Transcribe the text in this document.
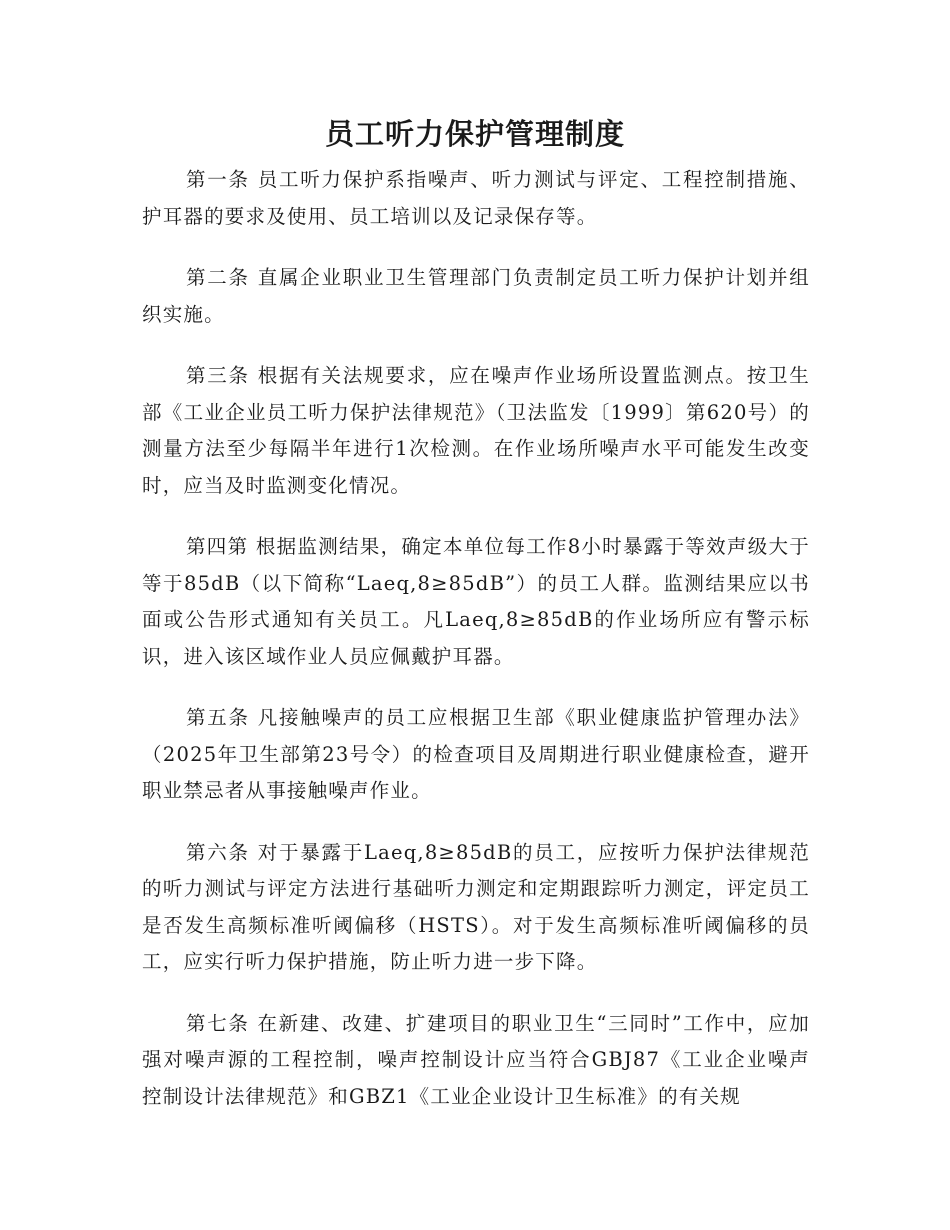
员工听力保护管理制度

第一条 员工听力保护系指噪声、听力测试与评定、工程控制措施、护耳器的要求及使用、员工培训以及记录保存等。

第二条 直属企业职业卫生管理部门负责制定员工听力保护计划并组织实施。

第三条 根据有关法规要求，应在噪声作业场所设置监测点。按卫生部《工业企业员工听力保护法律规范》（卫法监发〔1999〕第620号）的测量方法至少每隔半年进行1次检测。在作业场所噪声水平可能发生改变时，应当及时监测变化情况。

第四第 根据监测结果，确定本单位每工作8小时暴露于等效声级大于等于85dB（以下简称“Laeq,8≥85dB”）的员工人群。监测结果应以书面或公告形式通知有关员工。凡Laeq,8≥85dB的作业场所应有警示标识，进入该区域作业人员应佩戴护耳器。

第五条 凡接触噪声的员工应根据卫生部《职业健康监护管理办法》（2025年卫生部第23号令）的检查项目及周期进行职业健康检查，避开职业禁忌者从事接触噪声作业。

第六条 对于暴露于Laeq,8≥85dB的员工，应按听力保护法律规范的听力测试与评定方法进行基础听力测定和定期跟踪听力测定，评定员工是否发生高频标准听阈偏移（HSTS）。对于发生高频标准听阈偏移的员工，应实行听力保护措施，防止听力进一步下降。

第七条 在新建、改建、扩建项目的职业卫生“三同时”工作中，应加强对噪声源的工程控制，噪声控制设计应当符合GBJ87《工业企业噪声控制设计法律规范》和GBZ1《工业企业设计卫生标准》的有关规
